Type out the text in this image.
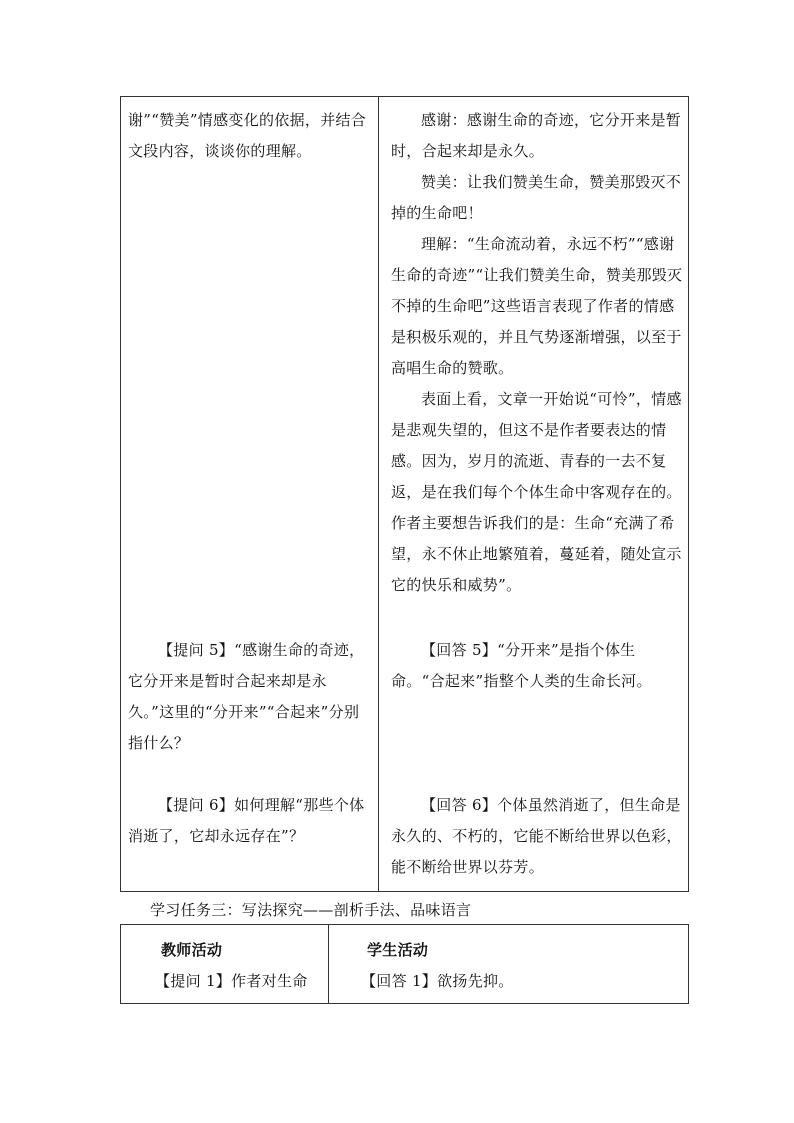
谢”“赞美”情感变化的依据，并结合文段内容，谈谈你的理解。

感谢：感谢生命的奇迹，它分开来是暂时，合起来却是永久。

赞美：让我们赞美生命，赞美那毁灭不掉的生命吧！

理解：“生命流动着，永远不朽”“感谢生命的奇迹”“让我们赞美生命，赞美那毁灭不掉的生命吧”这些语言表现了作者的情感是积极乐观的，并且气势逐渐增强，以至于高唱生命的赞歌。

表面上看，文章一开始说“可怜”，情感是悲观失望的，但这不是作者要表达的情感。因为，岁月的流逝、青春的一去不复返，是在我们每个个体生命中客观存在的。作者主要想告诉我们的是：生命“充满了希望，永不休止地繁殖着，蔓延着，随处宣示它的快乐和威势”。

【提问 5】“感谢生命的奇迹，它分开来是暂时合起来却是永久。”这里的“分开来”“合起来”分别指什么？

【回答 5】“分开来”是指个体生命。“合起来”指整个人类的生命长河。

【提问 6】如何理解“那些个体消逝了，它却永远存在”？

【回答 6】个体虽然消逝了，但生命是永久的、不朽的，它能不断给世界以色彩，能不断给世界以芬芳。

学习任务三：写法探究——剖析手法、品味语言

教师活动

【提问 1】作者对生命

学生活动

【回答 1】欲扬先抑。
